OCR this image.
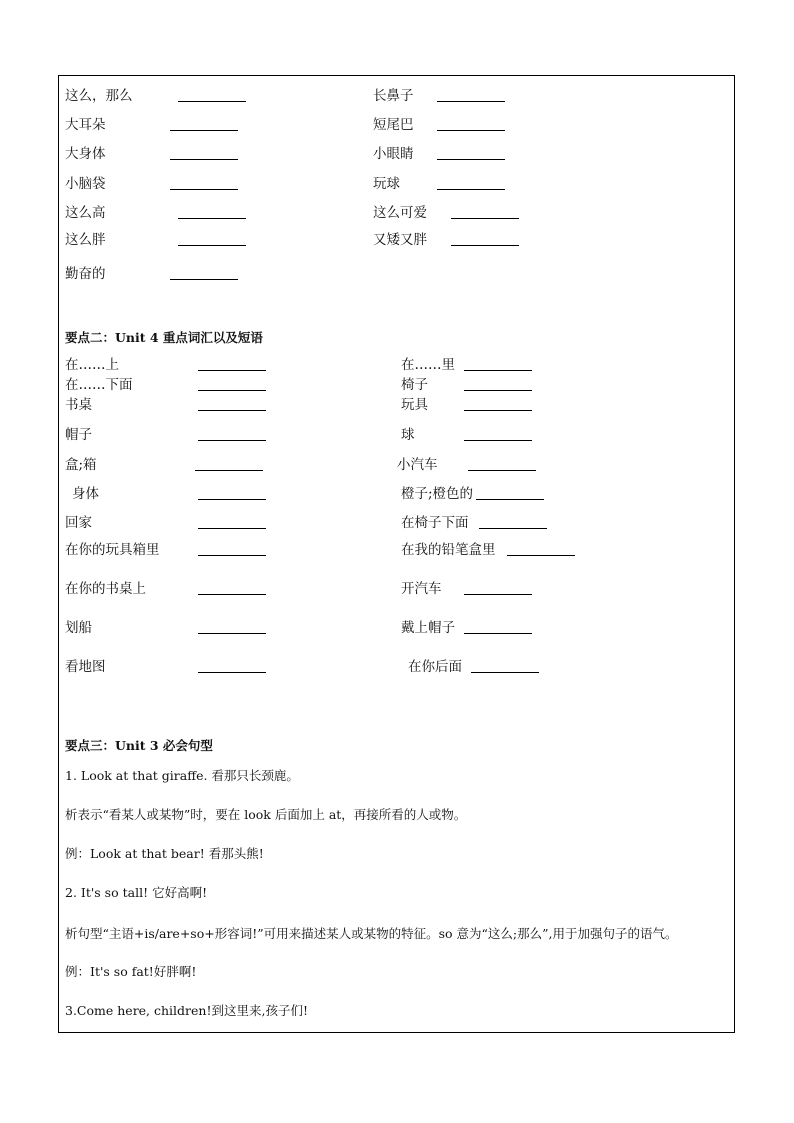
这么，那么
大耳朵
大身体
小脑袋
这么高
这么胖
勤奋的
长鼻子
短尾巴
小眼睛
玩球
这么可爱
又矮又胖
要点二：Unit 4 重点词汇以及短语
在……上
在……下面
书桌
帽子
盒;箱
身体
回家
在你的玩具箱里
在你的书桌上
划船
看地图
在……里
椅子
玩具
球
小汽车
橙子;橙色的
在椅子下面
在我的铅笔盒里
开汽车
戴上帽子
在你后面
要点三：Unit 3 必会句型
1. Look at that giraffe. 看那只长颈鹿。
析表示“看某人或某物”时，要在 look 后面加上 at，再接所看的人或物。
例：Look at that bear! 看那头熊!
2. It's so tall! 它好高啊!
析句型“主语+is/are+so+形容词!”可用来描述某人或某物的特征。so 意为“这么;那么”,用于加强句子的语气。
例：It's so fat!好胖啊!
3.Come here, children!到这里来,孩子们!
